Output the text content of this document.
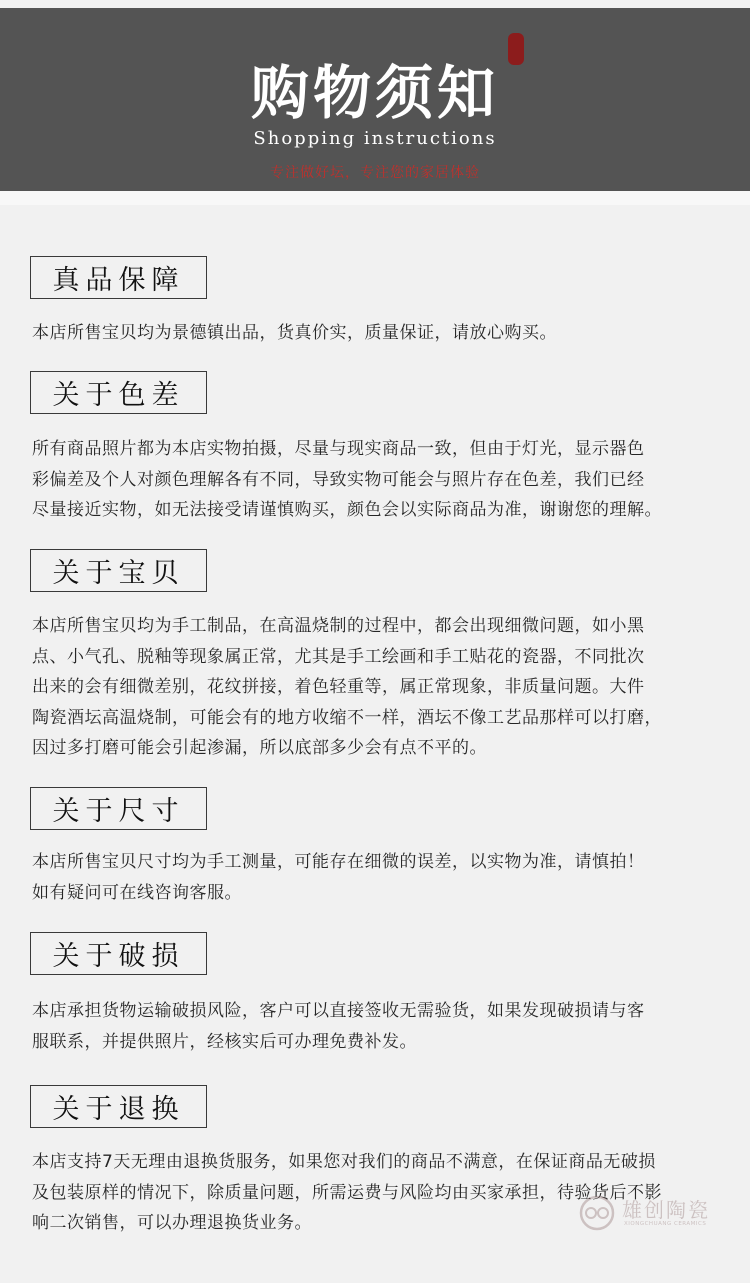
购物须知
Shopping instructions
专注做好坛，专注您的家居体验
真品保障
本店所售宝贝均为景德镇出品，货真价实，质量保证，请放心购买。
关于色差
所有商品照片都为本店实物拍摄，尽量与现实商品一致，但由于灯光，显示器色
彩偏差及个人对颜色理解各有不同，导致实物可能会与照片存在色差，我们已经
尽量接近实物，如无法接受请谨慎购买，颜色会以实际商品为准，谢谢您的理解。
关于宝贝
本店所售宝贝均为手工制品，在高温烧制的过程中，都会出现细微问题，如小黑
点、小气孔、脱釉等现象属正常，尤其是手工绘画和手工贴花的瓷器，不同批次
出来的会有细微差别，花纹拼接，着色轻重等，属正常现象，非质量问题。大件
陶瓷酒坛高温烧制，可能会有的地方收缩不一样，酒坛不像工艺品那样可以打磨，
因过多打磨可能会引起渗漏，所以底部多少会有点不平的。
关于尺寸
本店所售宝贝尺寸均为手工测量，可能存在细微的误差，以实物为准，请慎拍！
如有疑问可在线咨询客服。
关于破损
本店承担货物运输破损风险，客户可以直接签收无需验货，如果发现破损请与客
服联系，并提供照片，经核实后可办理免费补发。
关于退换
本店支持7天无理由退换货服务，如果您对我们的商品不满意，在保证商品无破损
及包装原样的情况下，除质量问题，所需运费与风险均由买家承担，待验货后不影
响二次销售，可以办理退换货业务。
雄创陶瓷
XIONGCHUANG CERAMICS
